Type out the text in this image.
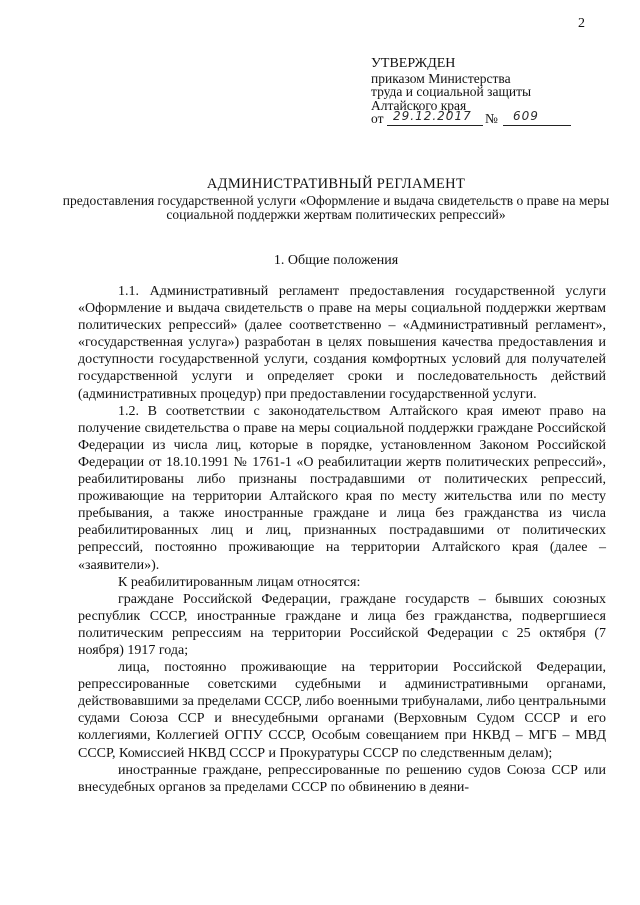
2
УТВЕРЖДЕН
приказом Министерства
труда и социальной защиты
Алтайского края
от 29.12.2017 № 609
АДМИНИСТРАТИВНЫЙ РЕГЛАМЕНТ
предоставления государственной услуги «Оформление и выдача свидетельств о праве на меры социальной поддержки жертвам политических репрессий»
1. Общие положения

1.1. Административный регламент предоставления государственной услуги «Оформление и выдача свидетельств о праве на меры социальной поддержки жертвам политических репрессий» (далее соответственно – «Административный регламент», «государственная услуга») разработан в целях повышения качества предоставления и доступности государственной услуги, создания комфортных условий для получателей государственной услуги и определяет сроки и последовательность действий (административных процедур) при предоставлении государственной услуги.

1.2. В соответствии с законодательством Алтайского края имеют право на получение свидетельства о праве на меры социальной поддержки граждане Российской Федерации из числа лиц, которые в порядке, установленном Законом Российской Федерации от 18.10.1991 № 1761-1 «О реабилитации жертв политических репрессий», реабилитированы либо признаны пострадавшими от политических репрессий, проживающие на территории Алтайского края по месту жительства или по месту пребывания, а также иностранные граждане и лица без гражданства из числа реабилитированных лиц и лиц, признанных пострадавшими от политических репрессий, постоянно проживающие на территории Алтайского края (далее – «заявители»).

К реабилитированным лицам относятся:

граждане Российской Федерации, граждане государств – бывших союзных республик СССР, иностранные граждане и лица без гражданства, подвергшиеся политическим репрессиям на территории Российской Федерации с 25 октября (7 ноября) 1917 года;

лица, постоянно проживающие на территории Российской Федерации, репрессированные советскими судебными и административными органами, действовавшими за пределами СССР, либо военными трибуналами, либо центральными судами Союза ССР и внесудебными органами (Верховным Судом СССР и его коллегиями, Коллегией ОГПУ СССР, Особым совещанием при НКВД – МГБ – МВД СССР, Комиссией НКВД СССР и Прокуратуры СССР по следственным делам);

иностранные граждане, репрессированные по решению судов Союза ССР или внесудебных органов за пределами СССР по обвинению в деяни-
